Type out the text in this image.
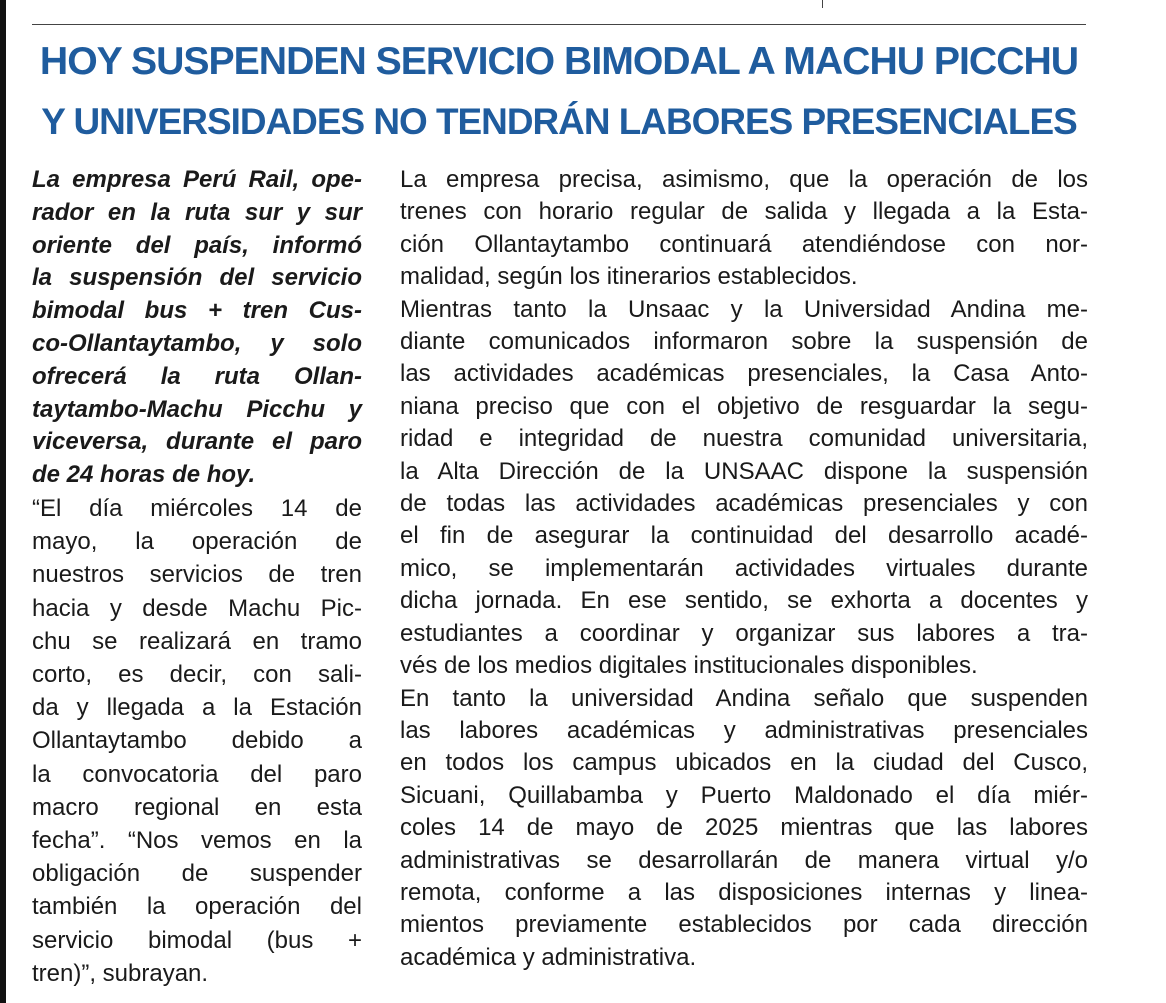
HOY SUSPENDEN SERVICIO BIMODAL A MACHU PICCHU
Y UNIVERSIDADES NO TENDRÁN LABORES PRESENCIALES

La empresa Perú Rail, ope-
rador en la ruta sur y sur
oriente del país, informó
la suspensión del servicio
bimodal bus + tren Cus-
co-Ollantaytambo, y solo
ofrecerá la ruta Ollan-
taytambo-Machu Picchu y
viceversa, durante el paro
de 24 horas de hoy.

“El día miércoles 14 de
mayo, la operación de
nuestros servicios de tren
hacia y desde Machu Pic-
chu se realizará en tramo
corto, es decir, con sali-
da y llegada a la Estación
Ollantaytambo debido a
la convocatoria del paro
macro regional en esta
fecha”. “Nos vemos en la
obligación de suspender
también la operación del
servicio bimodal (bus +
tren)”, subrayan.

La empresa precisa, asimismo, que la operación de los
trenes con horario regular de salida y llegada a la Esta-
ción Ollantaytambo continuará atendiéndose con nor-
malidad, según los itinerarios establecidos.

Mientras tanto la Unsaac y la Universidad Andina me-
diante comunicados informaron sobre la suspensión de
las actividades académicas presenciales, la Casa Anto-
niana preciso que con el objetivo de resguardar la segu-
ridad e integridad de nuestra comunidad universitaria,
la Alta Dirección de la UNSAAC dispone la suspensión
de todas las actividades académicas presenciales y con
el fin de asegurar la continuidad del desarrollo acadé-
mico, se implementarán actividades virtuales durante
dicha jornada. En ese sentido, se exhorta a docentes y
estudiantes a coordinar y organizar sus labores a tra-
vés de los medios digitales institucionales disponibles.

En tanto la universidad Andina señalo que suspenden
las labores académicas y administrativas presenciales
en todos los campus ubicados en la ciudad del Cusco,
Sicuani, Quillabamba y Puerto Maldonado el día miér-
coles 14 de mayo de 2025 mientras que las labores
administrativas se desarrollarán de manera virtual y/o
remota, conforme a las disposiciones internas y linea-
mientos previamente establecidos por cada dirección
académica y administrativa.
